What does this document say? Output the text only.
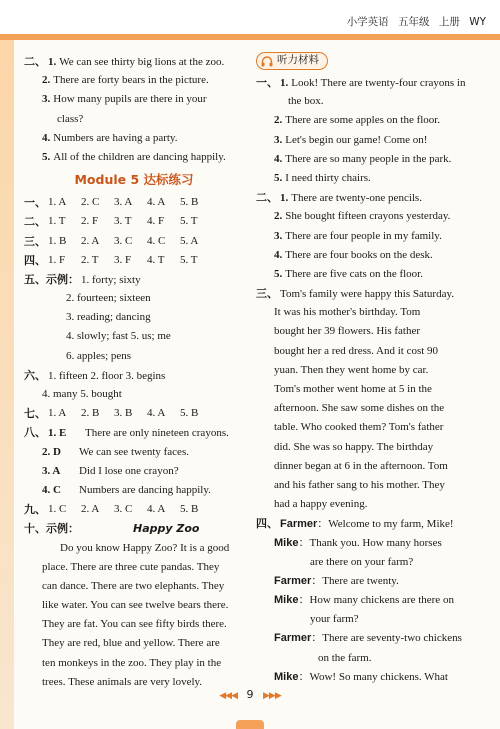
小学英语 五年级 上册 WY
二、 1. We can see thirty big lions at the zoo.
2. There are forty bears in the picture.
3. How many pupils are there in your
class?
4. Numbers are having a party.
5. All of the children are dancing happily.
Module 5 达标练习
一、 1. A	2. C	3. A	4. A	5. B
二、 1. T	2. F	3. T	4. F	5. T
三、 1. B	2. A	3. C	4. C	5. A
四、 1. F	2. T	3. F	4. T	5. T
五、示例： 1. forty; sixty
2. fourteen; sixteen
3. reading; dancing
4. slowly; fast 5. us; me
6. apples; pens
六、 1. fifteen 2. floor 3. begins
4. many 5. bought
七、 1. A	2. B	3. B	4. A	5. B
八、 1. E There are only nineteen crayons.
2. D We can see twenty faces.
3. A Did I lose one crayon?
4. C Numbers are dancing happily.
九、 1. C	2. A	3. C	4. A	5. B
十、示例：	Happy Zoo
Do you know Happy Zoo? It is a good
place. There are three cute pandas. They
can dance. There are two elephants. They
like water. You can see twelve bears there.
They are fat. You can see fifty birds there.
They are red, blue and yellow. There are
ten monkeys in the zoo. They play in the
trees. These animals are very lovely.
听力材料
一、 1. Look! There are twenty-four crayons in
the box.
2. There are some apples on the floor.
3. Let's begin our game! Come on!
4. There are so many people in the park.
5. I need thirty chairs.
二、 1. There are twenty-one pencils.
2. She bought fifteen crayons yesterday.
3. There are four people in my family.
4. There are four books on the desk.
5. There are five cats on the floor.
三、 Tom's family were happy this Saturday.
It was his mother's birthday. Tom
bought her 39 flowers. His father
bought her a red dress. And it cost 90
yuan. Then they went home by car.
Tom's mother went home at 5 in the
afternoon. She saw some dishes on the
table. Who cooked them? Tom's father
did. She was so happy. The birthday
dinner began at 6 in the afternoon. Tom
and his father sang to his mother. They
had a happy evening.
四、 Farmer：Welcome to my farm, Mike!
Mike：Thank you. How many horses
are there on your farm?
Farmer：There are twenty.
Mike：How many chickens are there on
your farm?
Farmer：There are seventy-two chickens
on the farm.
Mike：Wow! So many chickens. What
◀◀◀ 9 ▶▶▶
